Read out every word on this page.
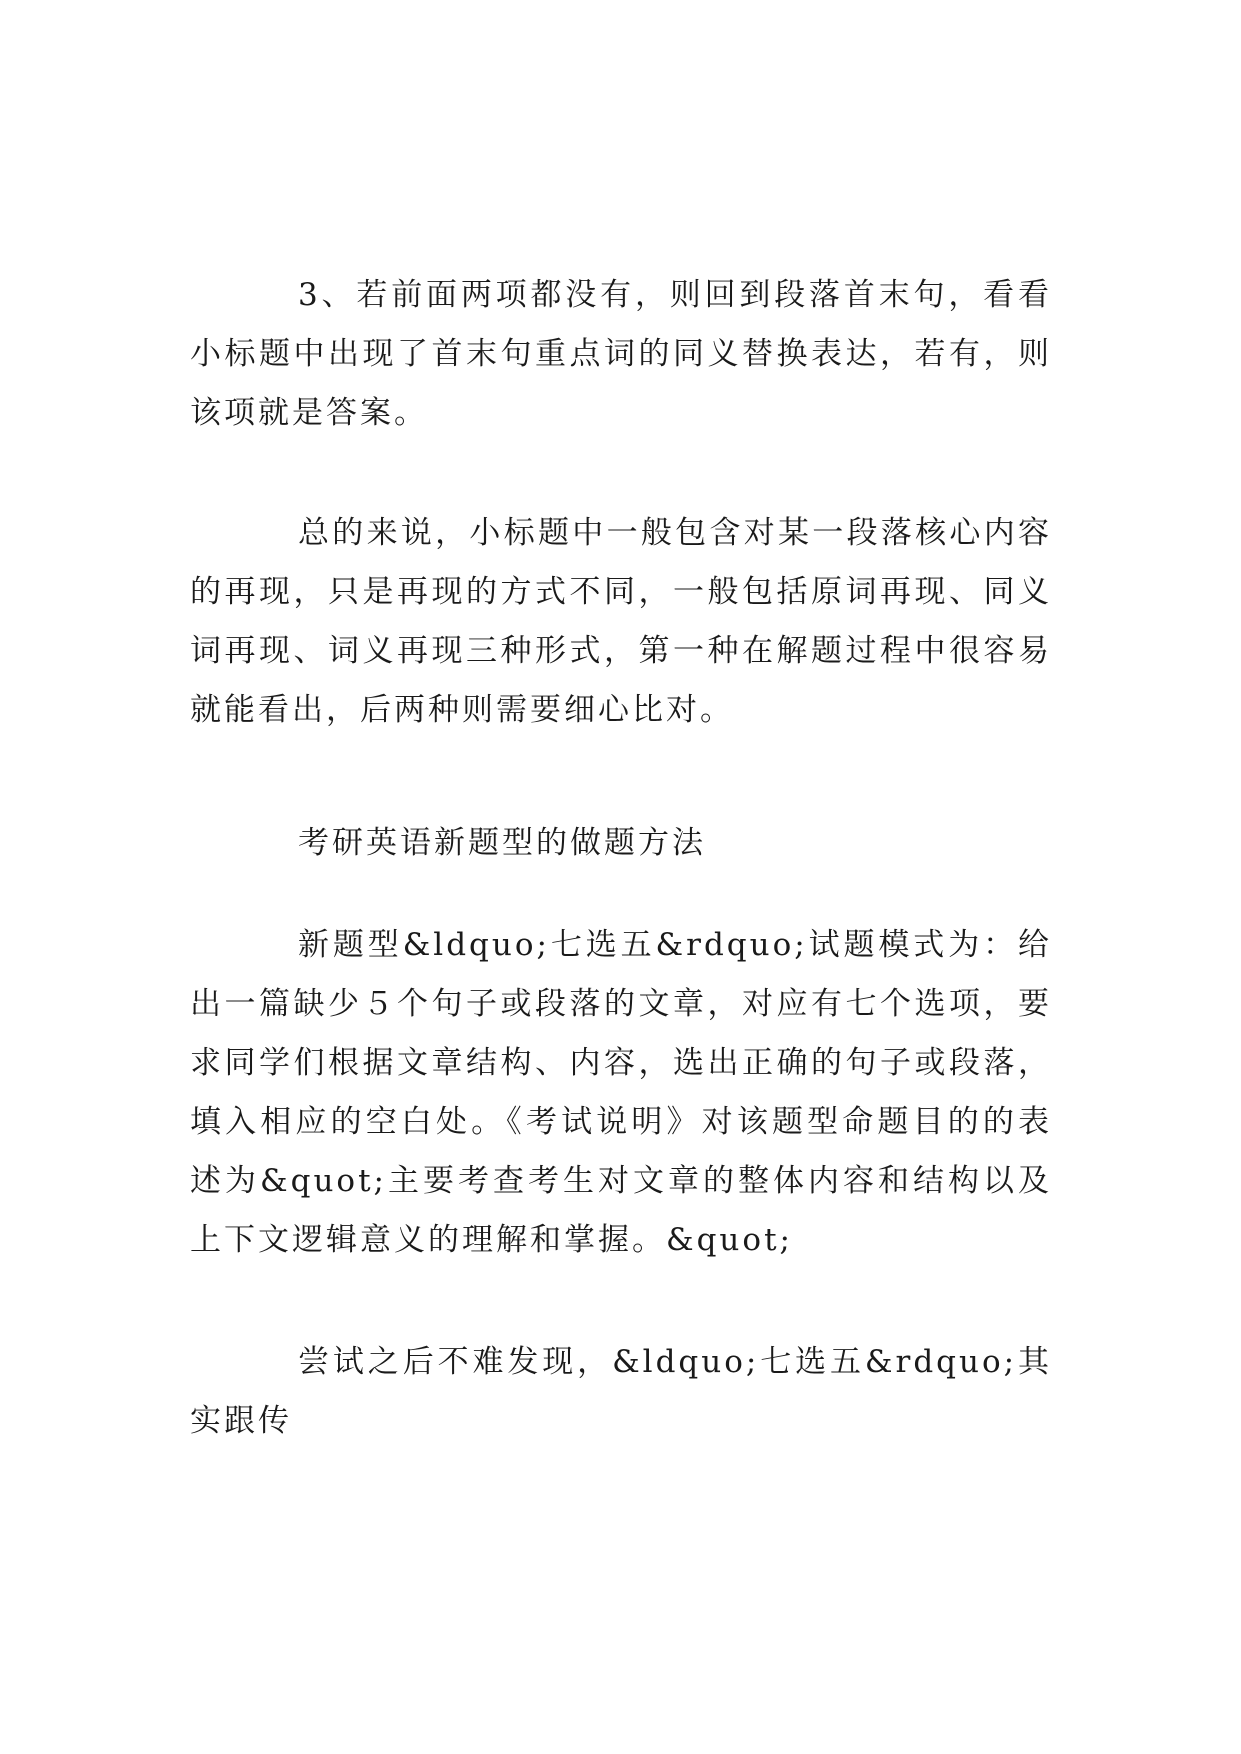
3、若前面两项都没有，则回到段落首末句，看看小标题中出现了首末句重点词的同义替换表达，若有，则该项就是答案。

总的来说，小标题中一般包含对某一段落核心内容的再现，只是再现的方式不同，一般包括原词再现、同义词再现、词义再现三种形式，第一种在解题过程中很容易就能看出，后两种则需要细心比对。

考研英语新题型的做题方法

新题型&ldquo;七选五&rdquo;试题模式为：给出一篇缺少５个句子或段落的文章，对应有七个选项，要求同学们根据文章结构、内容，选出正确的句子或段落，填入相应的空白处。《考试说明》对该题型命题目的的表述为&quot;主要考查考生对文章的整体内容和结构以及上下文逻辑意义的理解和掌握。&quot;

尝试之后不难发现，&ldquo;七选五&rdquo;其实跟传
